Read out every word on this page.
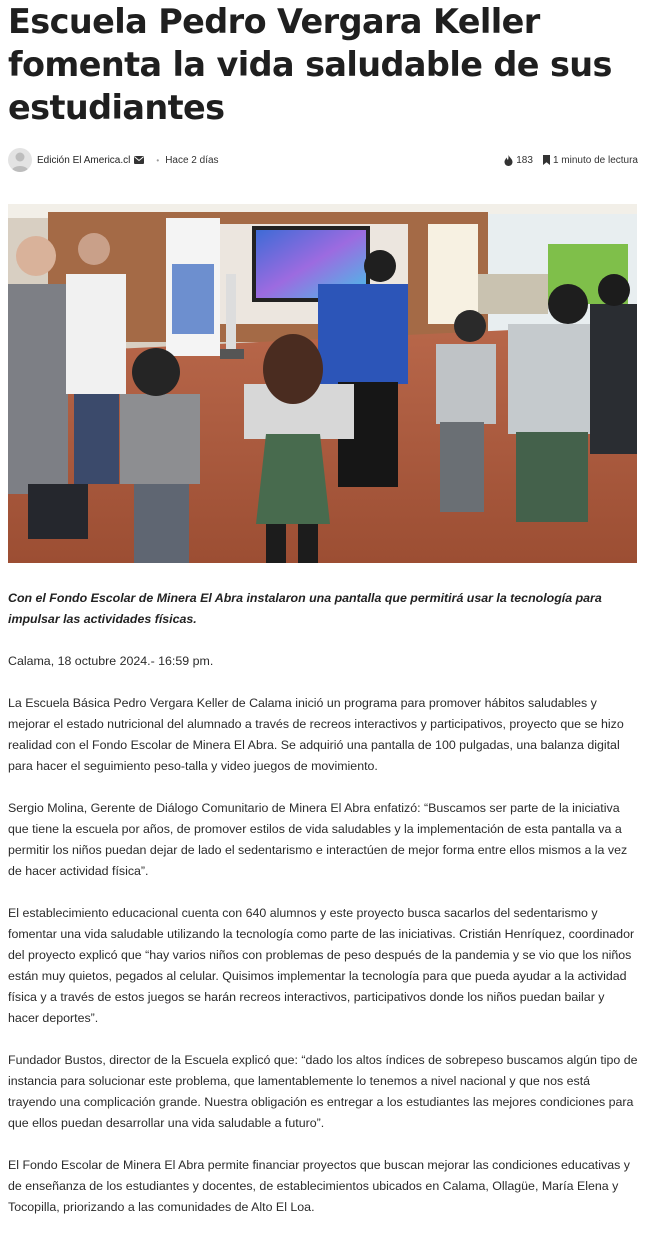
Escuela Pedro Vergara Keller fomenta la vida saludable de sus estudiantes
Edición El America.cl	• Hace 2 días	183 1 minuto de lectura

Con el Fondo Escolar de Minera El Abra instalaron una pantalla que permitirá usar la tecnología para impulsar las actividades físicas.

Calama, 18 octubre 2024.- 16:59 pm.

La Escuela Básica Pedro Vergara Keller de Calama inició un programa para promover hábitos saludables y mejorar el estado nutricional del alumnado a través de recreos interactivos y participativos, proyecto que se hizo realidad con el Fondo Escolar de Minera El Abra. Se adquirió una pantalla de 100 pulgadas, una balanza digital para hacer el seguimiento peso-talla y video juegos de movimiento.

Sergio Molina, Gerente de Diálogo Comunitario de Minera El Abra enfatizó: “Buscamos ser parte de la iniciativa que tiene la escuela por años, de promover estilos de vida saludables y la implementación de esta pantalla va a permitir los niños puedan dejar de lado el sedentarismo e interactúen de mejor forma entre ellos mismos a la vez de hacer actividad física”.

El establecimiento educacional cuenta con 640 alumnos y este proyecto busca sacarlos del sedentarismo y fomentar una vida saludable utilizando la tecnología como parte de las iniciativas. Cristián Henríquez, coordinador del proyecto explicó que “hay varios niños con problemas de peso después de la pandemia y se vio que los niños están muy quietos, pegados al celular. Quisimos implementar la tecnología para que pueda ayudar a la actividad física y a través de estos juegos se harán recreos interactivos, participativos donde los niños puedan bailar y hacer deportes”.

Fundador Bustos, director de la Escuela explicó que: “dado los altos índices de sobrepeso buscamos algún tipo de instancia para solucionar este problema, que lamentablemente lo tenemos a nivel nacional y que nos está trayendo una complicación grande. Nuestra obligación es entregar a los estudiantes las mejores condiciones para que ellos puedan desarrollar una vida saludable a futuro”.

El Fondo Escolar de Minera El Abra permite financiar proyectos que buscan mejorar las condiciones educativas y de enseñanza de los estudiantes y docentes, de establecimientos ubicados en Calama, Ollagüe, María Elena y Tocopilla, priorizando a las comunidades de Alto El Loa.
